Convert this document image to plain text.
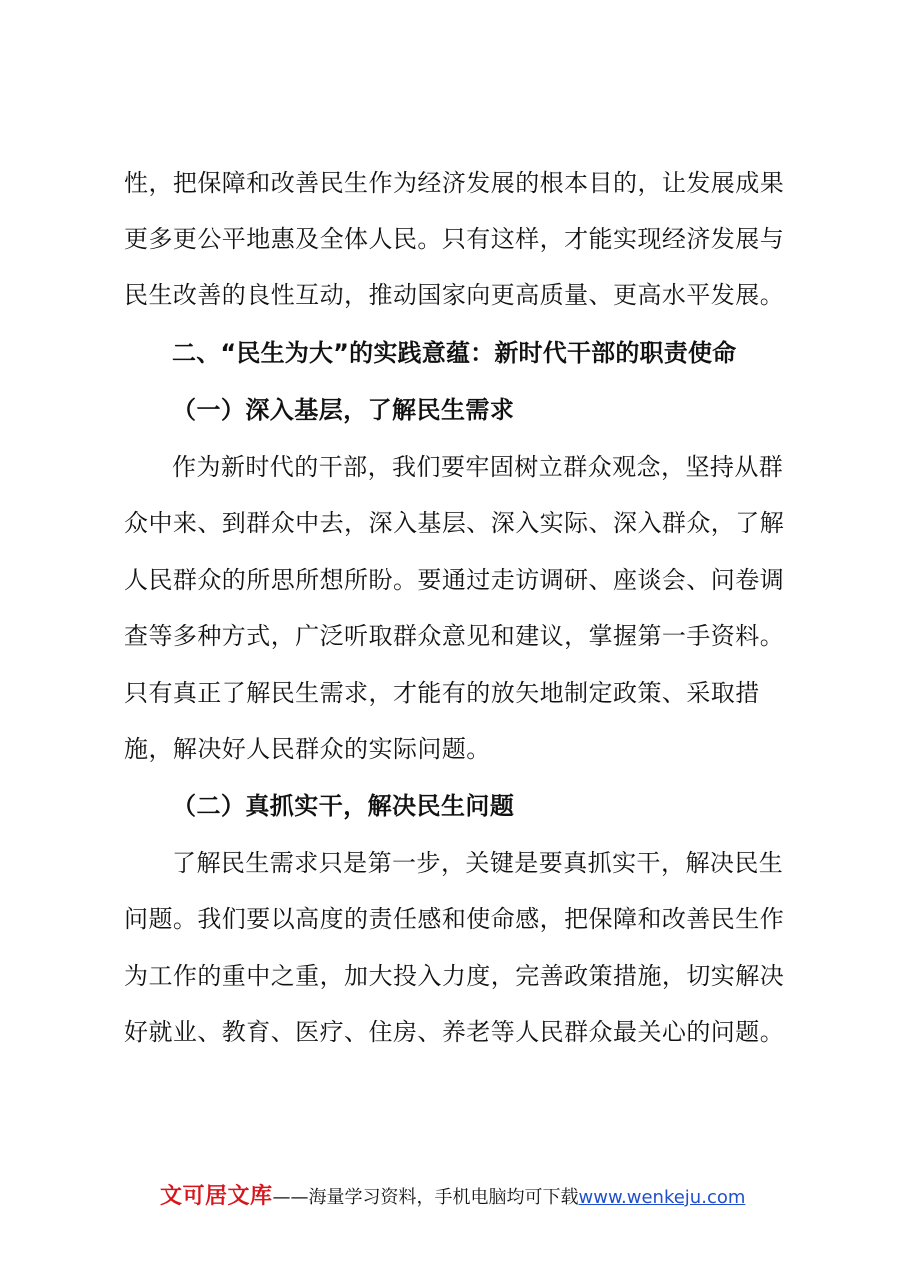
性，把保障和改善民生作为经济发展的根本目的，让发展成果

更多更公平地惠及全体人民。只有这样，才能实现经济发展与

民生改善的良性互动，推动国家向更高质量、更高水平发展。

二、“民生为大”的实践意蕴：新时代干部的职责使命
（一）深入基层，了解民生需求

作为新时代的干部，我们要牢固树立群众观念，坚持从群

众中来、到群众中去，深入基层、深入实际、深入群众，了解

人民群众的所思所想所盼。要通过走访调研、座谈会、问卷调

查等多种方式，广泛听取群众意见和建议，掌握第一手资料。

只有真正了解民生需求，才能有的放矢地制定政策、采取措

施，解决好人民群众的实际问题。

（二）真抓实干，解决民生问题

了解民生需求只是第一步，关键是要真抓实干，解决民生

问题。我们要以高度的责任感和使命感，把保障和改善民生作

为工作的重中之重，加大投入力度，完善政策措施，切实解决

好就业、教育、医疗、住房、养老等人民群众最关心的问题。

文可居文库——海量学习资料，手机电脑均可下载www.wenkeju.com
